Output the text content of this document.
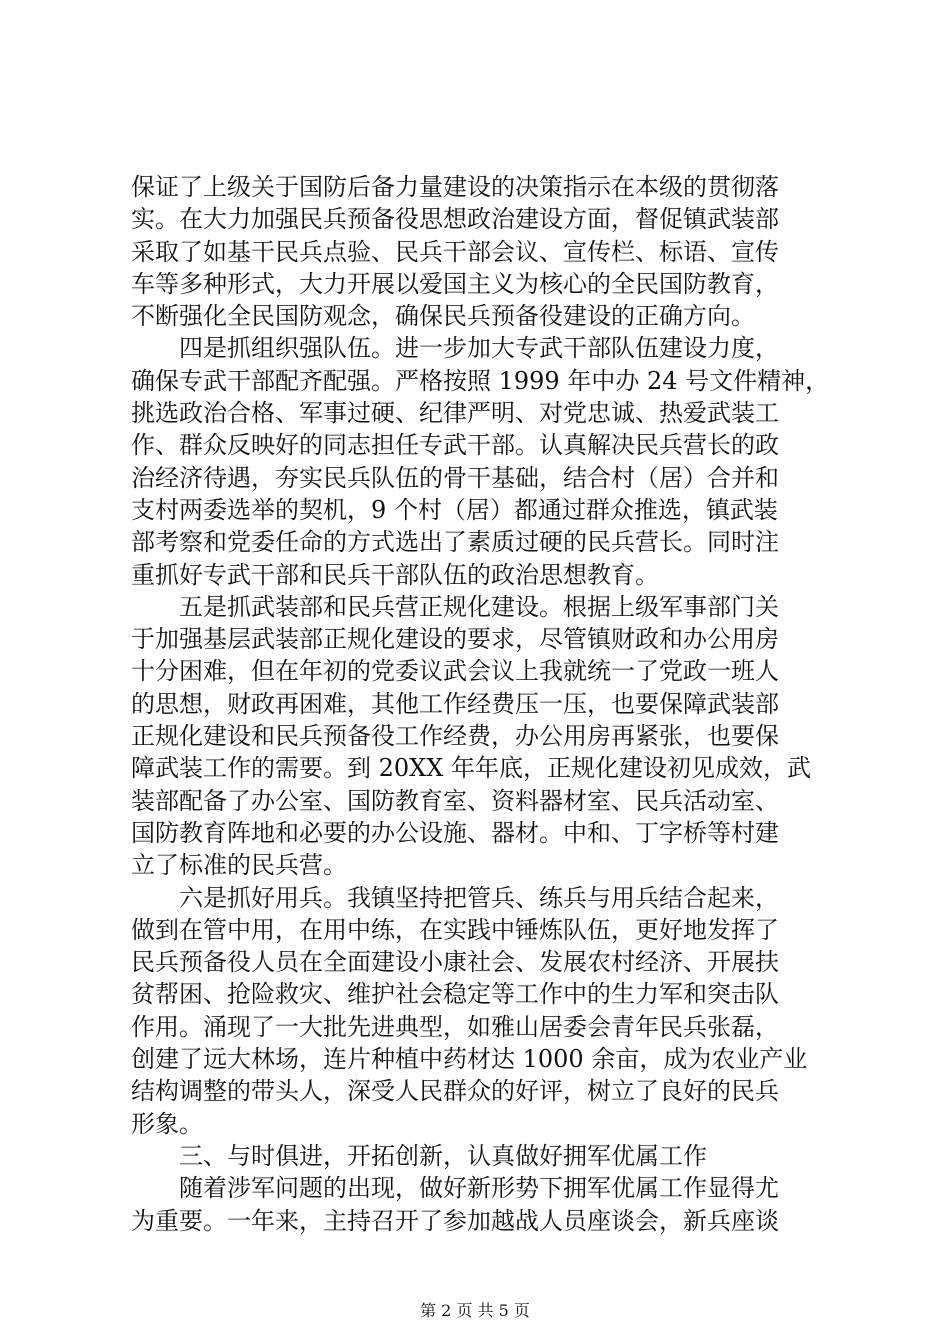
保证了上级关于国防后备力量建设的决策指示在本级的贯彻落
实。在大力加强民兵预备役思想政治建设方面，督促镇武装部
采取了如基干民兵点验、民兵干部会议、宣传栏、标语、宣传
车等多种形式，大力开展以爱国主义为核心的全民国防教育，
不断强化全民国防观念，确保民兵预备役建设的正确方向。
　　四是抓组织强队伍。进一步加大专武干部队伍建设力度，
确保专武干部配齐配强。严格按照 1999 年中办 24 号文件精神，
挑选政治合格、军事过硬、纪律严明、对党忠诚、热爱武装工
作、群众反映好的同志担任专武干部。认真解决民兵营长的政
治经济待遇，夯实民兵队伍的骨干基础，结合村（居）合并和
支村两委选举的契机，9 个村（居）都通过群众推选，镇武装
部考察和党委任命的方式选出了素质过硬的民兵营长。同时注
重抓好专武干部和民兵干部队伍的政治思想教育。
　　五是抓武装部和民兵营正规化建设。根据上级军事部门关
于加强基层武装部正规化建设的要求，尽管镇财政和办公用房
十分困难，但在年初的党委议武会议上我就统一了党政一班人
的思想，财政再困难，其他工作经费压一压，也要保障武装部
正规化建设和民兵预备役工作经费，办公用房再紧张，也要保
障武装工作的需要。到 20XX 年年底，正规化建设初见成效，武
装部配备了办公室、国防教育室、资料器材室、民兵活动室、
国防教育阵地和必要的办公设施、器材。中和、丁字桥等村建
立了标准的民兵营。
　　六是抓好用兵。我镇坚持把管兵、练兵与用兵结合起来，
做到在管中用，在用中练，在实践中锤炼队伍，更好地发挥了
民兵预备役人员在全面建设小康社会、发展农村经济、开展扶
贫帮困、抢险救灾、维护社会稳定等工作中的生力军和突击队
作用。涌现了一大批先进典型，如雅山居委会青年民兵张磊，
创建了远大林场，连片种植中药材达 1000 余亩，成为农业产业
结构调整的带头人，深受人民群众的好评，树立了良好的民兵
形象。
　　三、与时俱进，开拓创新，认真做好拥军优属工作
　　随着涉军问题的出现，做好新形势下拥军优属工作显得尤
为重要。一年来，主持召开了参加越战人员座谈会，新兵座谈
第 2 页 共 5 页
